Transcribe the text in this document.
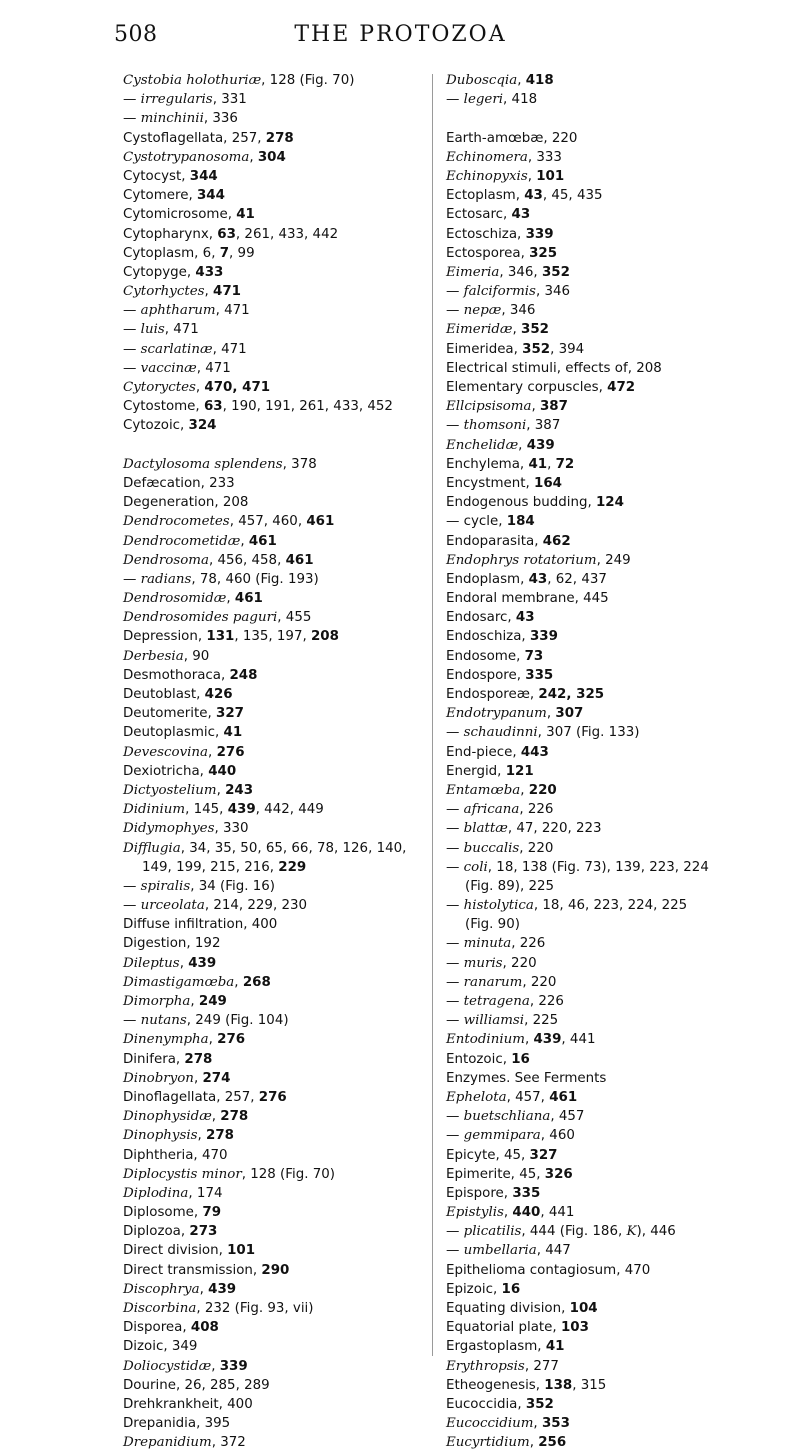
508	THE PROTOZOA
Cystobia holothuriæ, 128 (Fig. 70)
— irregularis, 331
— minchinii, 336
Cystoflagellata, 257, 278
Cystotrypanosoma, 304
Cytocyst, 344
Cytomere, 344
Cytomicrosome, 41
Cytopharynx, 63, 261, 433, 442
Cytoplasm, 6, 7, 99
Cytopyge, 433
Cytorhyctes, 471
— aphtharum, 471
— luis, 471
— scarlatinæ, 471
— vaccinæ, 471
Cytoryctes, 470, 471
Cytostome, 63, 190, 191, 261, 433, 452
Cytozoic, 324
Dactylosoma splendens, 378
Defæcation, 233
Degeneration, 208
Dendrocometes, 457, 460, 461
Dendrocometidæ, 461
Dendrosoma, 456, 458, 461
— radians, 78, 460 (Fig. 193)
Dendrosomidæ, 461
Dendrosomides paguri, 455
Depression, 131, 135, 197, 208
Derbesia, 90
Desmothoraca, 248
Deutoblast, 426
Deutomerite, 327
Deutoplasmic, 41
Devescovina, 276
Dexiotricha, 440
Dictyostelium, 243
Didinium, 145, 439, 442, 449
Didymophyes, 330
Difflugia, 34, 35, 50, 65, 66, 78, 126, 140,
149, 199, 215, 216, 229
— spiralis, 34 (Fig. 16)
— urceolata, 214, 229, 230
Diffuse infiltration, 400
Digestion, 192
Dileptus, 439
Dimastigamœba, 268
Dimorpha, 249
— nutans, 249 (Fig. 104)
Dinenympha, 276
Dinifera, 278
Dinobryon, 274
Dinoflagellata, 257, 276
Dinophysidæ, 278
Dinophysis, 278
Diphtheria, 470
Diplocystis minor, 128 (Fig. 70)
Diplodina, 174
Diplosome, 79
Diplozoa, 273
Direct division, 101
Direct transmission, 290
Discophrya, 439
Discorbina, 232 (Fig. 93, vii)
Disporea, 408
Dizoic, 349
Doliocystidæ, 339
Dourine, 26, 285, 289
Drehkrankheit, 400
Drepanidia, 395
Drepanidium, 372
Duboscqia, 418
— legeri, 418
Earth-amœbæ, 220
Echinomera, 333
Echinopyxis, 101
Ectoplasm, 43, 45, 435
Ectosarc, 43
Ectoschiza, 339
Ectosporea, 325
Eimeria, 346, 352
— falciformis, 346
— nepæ, 346
Eimeridæ, 352
Eimeridea, 352, 394
Electrical stimuli, effects of, 208
Elementary corpuscles, 472
Ellcipsisoma, 387
— thomsoni, 387
Enchelidæ, 439
Enchylema, 41, 72
Encystment, 164
Endogenous budding, 124
— cycle, 184
Endoparasita, 462
Endophrys rotatorium, 249
Endoplasm, 43, 62, 437
Endoral membrane, 445
Endosarc, 43
Endoschiza, 339
Endosome, 73
Endospore, 335
Endosporeæ, 242, 325
Endotrypanum, 307
— schaudinni, 307 (Fig. 133)
End-piece, 443
Energid, 121
Entamœba, 220
— africana, 226
— blattæ, 47, 220, 223
— buccalis, 220
— coli, 18, 138 (Fig. 73), 139, 223, 224
(Fig. 89), 225
— histolytica, 18, 46, 223, 224, 225
(Fig. 90)
— minuta, 226
— muris, 220
— ranarum, 220
— tetragena, 226
— williamsi, 225
Entodinium, 439, 441
Entozoic, 16
Enzymes. See Ferments
Ephelota, 457, 461
— buetschliana, 457
— gemmipara, 460
Epicyte, 45, 327
Epimerite, 45, 326
Epispore, 335
Epistylis, 440, 441
— plicatilis, 444 (Fig. 186, K), 446
— umbellaria, 447
Epithelioma contagiosum, 470
Epizoic, 16
Equating division, 104
Equatorial plate, 103
Ergastoplasm, 41
Erythropsis, 277
Etheogenesis, 138, 315
Eucoccidia, 352
Eucoccidium, 353
Eucyrtidium, 256
